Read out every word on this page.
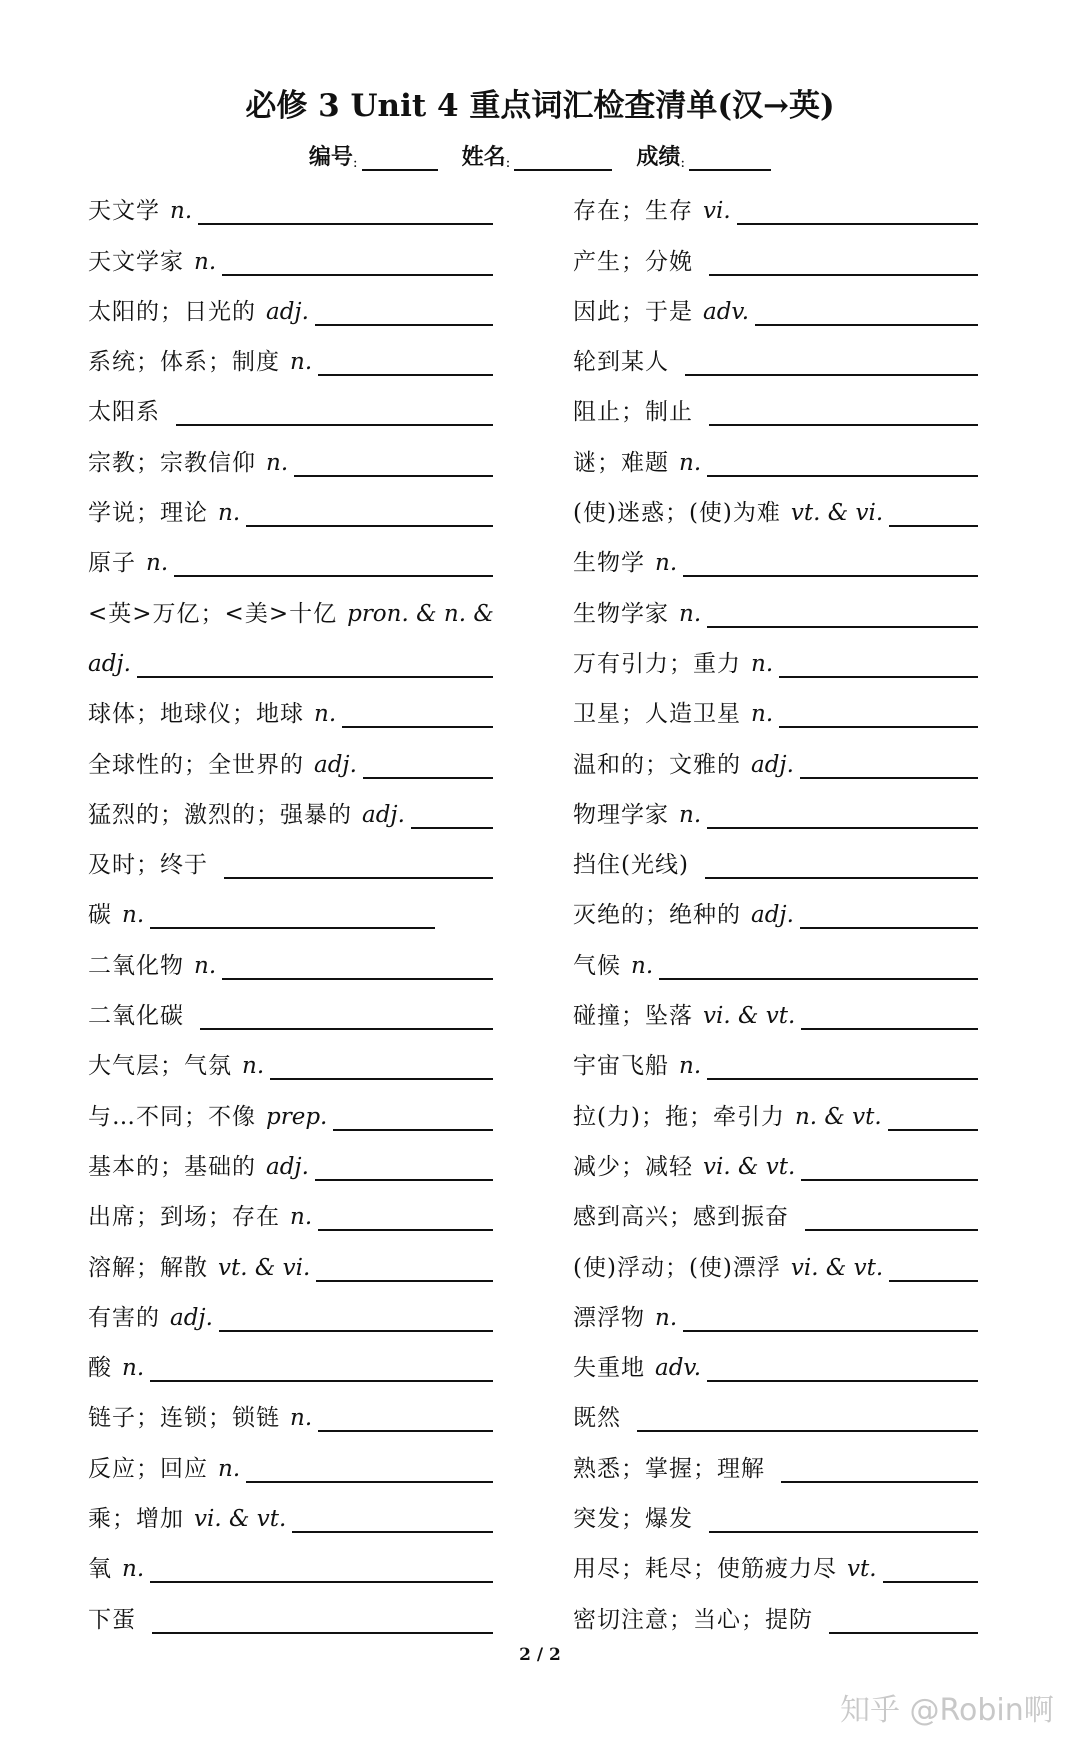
必修 3 Unit 4 重点词汇检查清单(汉→英)
编号 :	姓名 :	成绩 :
天文学 n.
天文学家 n.
太阳的；日光的 adj.
系统；体系；制度 n.
太阳系
宗教；宗教信仰 n.
学说；理论 n.
原子 n.
<英>万亿；<美>十亿 pron. & n. &
adj.
球体；地球仪；地球 n.
全球性的；全世界的 adj.
猛烈的；激烈的；强暴的 adj.
及时；终于
碳 n.
二氧化物 n.
二氧化碳
大气层；气氛 n.
与…不同；不像 prep.
基本的；基础的 adj.
出席；到场；存在 n.
溶解；解散 vt. & vi.
有害的 adj.
酸 n.
链子；连锁；锁链 n.
反应；回应 n.
乘；增加 vi. & vt.
氧 n.
下蛋
存在；生存 vi.
产生；分娩
因此；于是 adv.
轮到某人
阻止；制止
谜；难题 n.
(使)迷惑；(使)为难 vt. & vi.
生物学 n.
生物学家 n.
万有引力；重力 n.
卫星；人造卫星 n.
温和的；文雅的 adj.
物理学家 n.
挡住(光线)
灭绝的；绝种的 adj.
气候 n.
碰撞；坠落 vi. & vt.
宇宙飞船 n.
拉(力)；拖；牵引力 n. & vt.
减少；减轻 vi. & vt.
感到高兴；感到振奋
(使)浮动；(使)漂浮 vi. & vt.
漂浮物 n.
失重地 adv.
既然
熟悉；掌握；理解
突发；爆发
用尽；耗尽；使筋疲力尽 vt.
密切注意；当心；提防
2 / 2
知乎 @Robin啊
